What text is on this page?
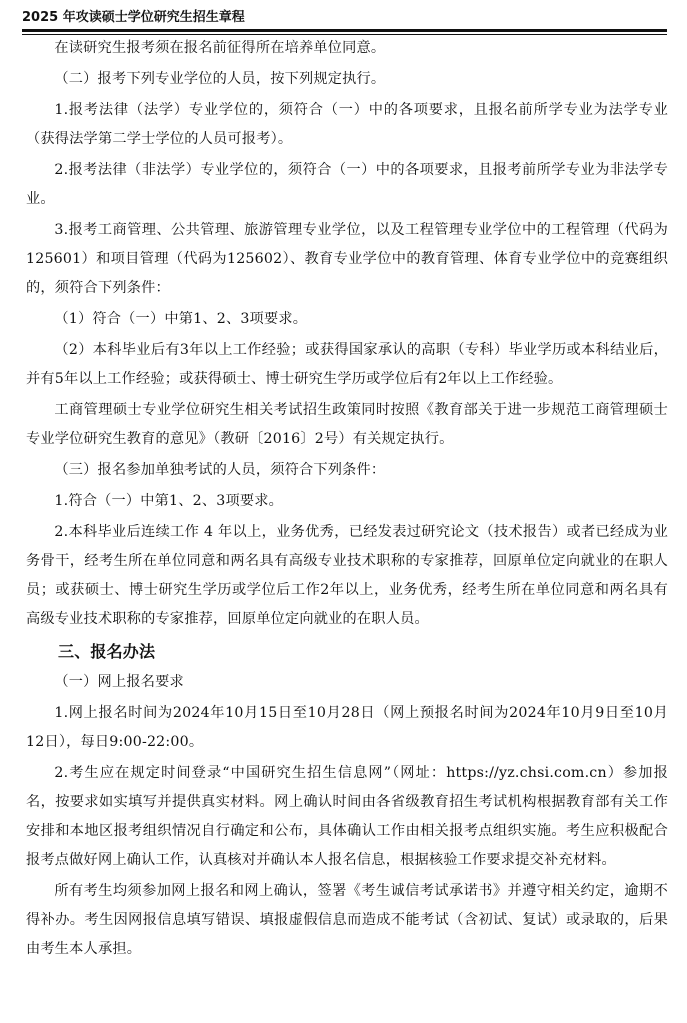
2025 年攻读硕士学位研究生招生章程

在读研究生报考须在报名前征得所在培养单位同意。

（二）报考下列专业学位的人员，按下列规定执行。

1.报考法律（法学）专业学位的，须符合（一）中的各项要求，且报名前所学专业为法学专业（获得法学第二学士学位的人员可报考）。

2.报考法律（非法学）专业学位的，须符合（一）中的各项要求，且报考前所学专业为非法学专业。

3.报考工商管理、公共管理、旅游管理专业学位，以及工程管理专业学位中的工程管理（代码为125601）和项目管理（代码为125602）、教育专业学位中的教育管理、体育专业学位中的竞赛组织的，须符合下列条件：

（1）符合（一）中第1、2、3项要求。

（2）本科毕业后有3年以上工作经验；或获得国家承认的高职（专科）毕业学历或本科结业后，并有5年以上工作经验；或获得硕士、博士研究生学历或学位后有2年以上工作经验。

工商管理硕士专业学位研究生相关考试招生政策同时按照《教育部关于进一步规范工商管理硕士专业学位研究生教育的意见》（教研〔2016〕2号）有关规定执行。

（三）报名参加单独考试的人员，须符合下列条件：

1.符合（一）中第1、2、3项要求。

2.本科毕业后连续工作 4 年以上，业务优秀，已经发表过研究论文（技术报告）或者已经成为业务骨干，经考生所在单位同意和两名具有高级专业技术职称的专家推荐，回原单位定向就业的在职人员；或获硕士、博士研究生学历或学位后工作2年以上，业务优秀，经考生所在单位同意和两名具有高级专业技术职称的专家推荐，回原单位定向就业的在职人员。

三、报名办法

（一）网上报名要求

1.网上报名时间为2024年10月15日至10月28日（网上预报名时间为2024年10月9日至10月12日），每日9:00-22:00。

2.考生应在规定时间登录“中国研究生招生信息网”（网址：https://yz.chsi.com.cn）参加报名，按要求如实填写并提供真实材料。网上确认时间由各省级教育招生考试机构根据教育部有关工作安排和本地区报考组织情况自行确定和公布，具体确认工作由相关报考点组织实施。考生应积极配合报考点做好网上确认工作，认真核对并确认本人报名信息，根据核验工作要求提交补充材料。

所有考生均须参加网上报名和网上确认，签署《考生诚信考试承诺书》并遵守相关约定，逾期不得补办。考生因网报信息填写错误、填报虚假信息而造成不能考试（含初试、复试）或录取的，后果由考生本人承担。
